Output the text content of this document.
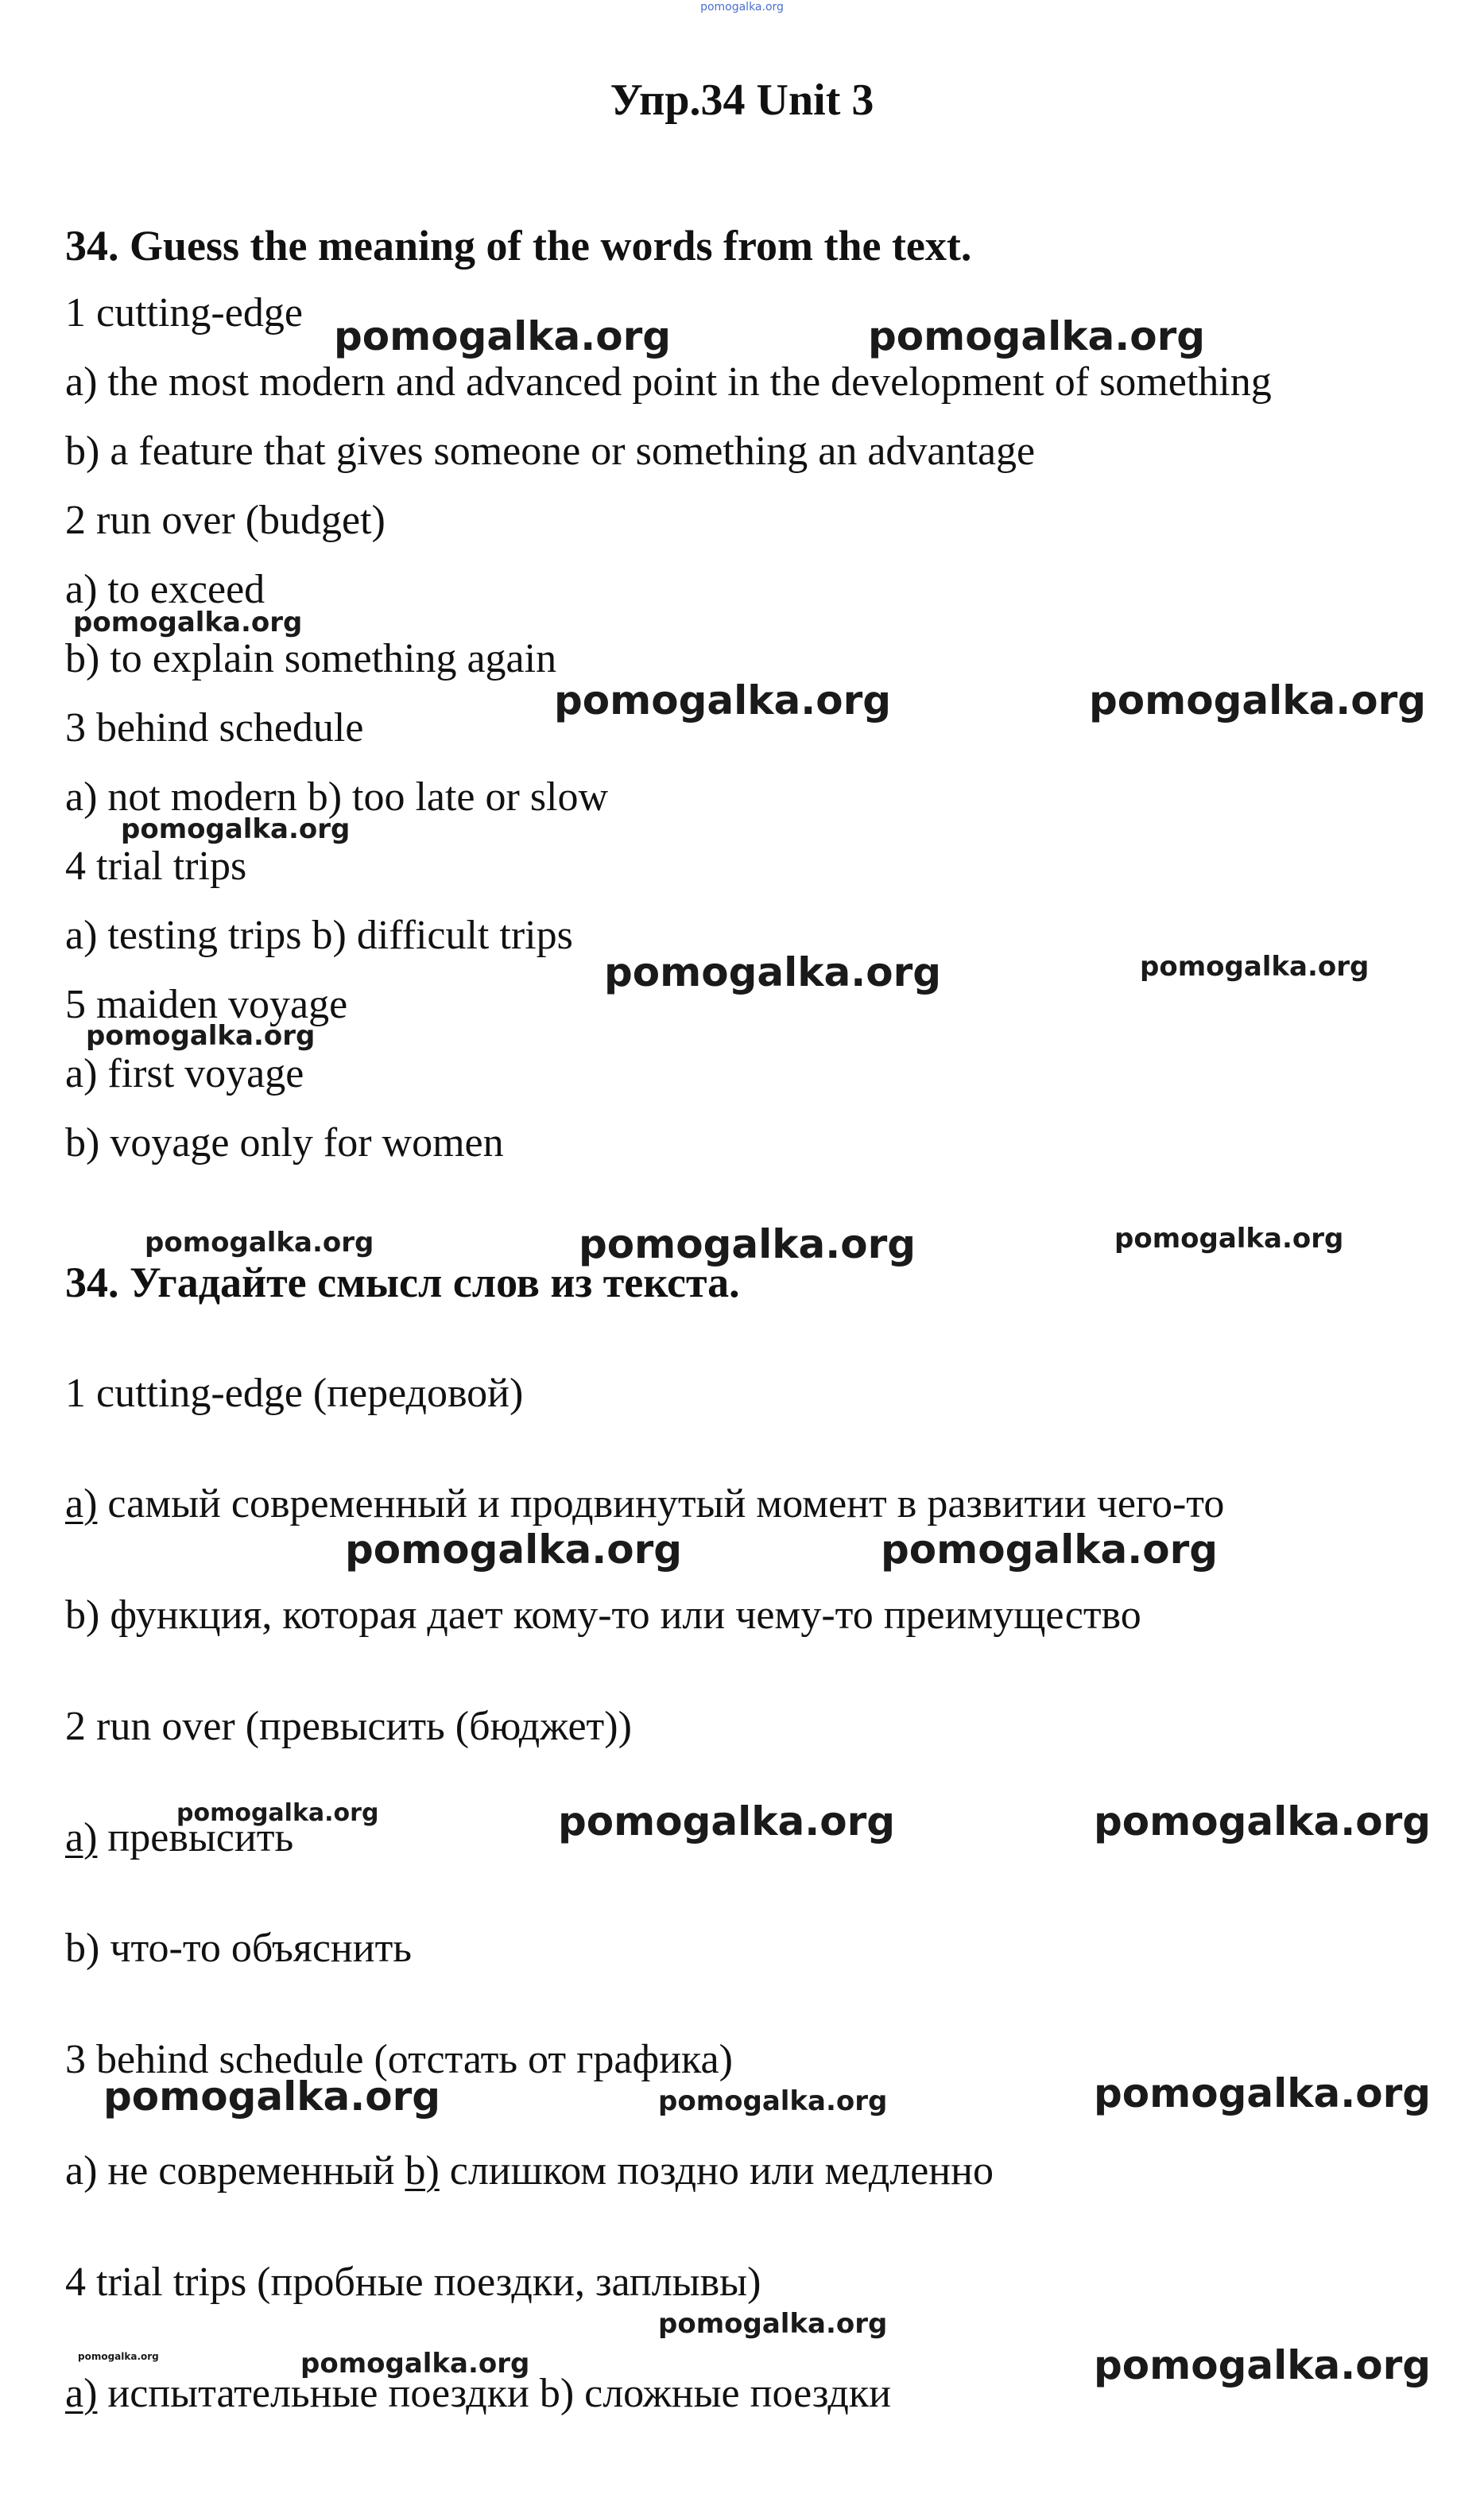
pomogalka.org
Упр.34 Unit 3
34. Guess the meaning of the words from the text.
1 cutting-edge
a) the most modern and advanced point in the development of something
b) a feature that gives someone or something an advantage
2 run over (budget)
a) to exceed
b) to explain something again
3 behind schedule
a) not modern b) too late or slow
4 trial trips
a) testing trips b) difficult trips
5 maiden voyage
a) first voyage
b) voyage only for women
34. Угадайте смысл слов из текста.
1 cutting-edge (передовой)
a) самый современный и продвинутый момент в развитии чего-то
b) функция, которая дает кому-то или чему-то преимущество
2 run over (превысить (бюджет))
a) превысить
b) что-то объяснить
3 behind schedule (отстать от графика)
a) не современный b) слишком поздно или медленно
4 trial trips (пробные поездки, заплывы)
a) испытательные поездки b) сложные поездки
pomogalka.org	pomogalka.org
pomogalka.org
pomogalka.org	pomogalka.org
pomogalka.org
pomogalka.org	pomogalka.org
pomogalka.org
pomogalka.org	pomogalka.org	pomogalka.org
pomogalka.org	pomogalka.org
pomogalka.org	pomogalka.org	pomogalka.org
pomogalka.org	pomogalka.org	pomogalka.org
pomogalka.org
pomogalka.org	pomogalka.org	pomogalka.org
